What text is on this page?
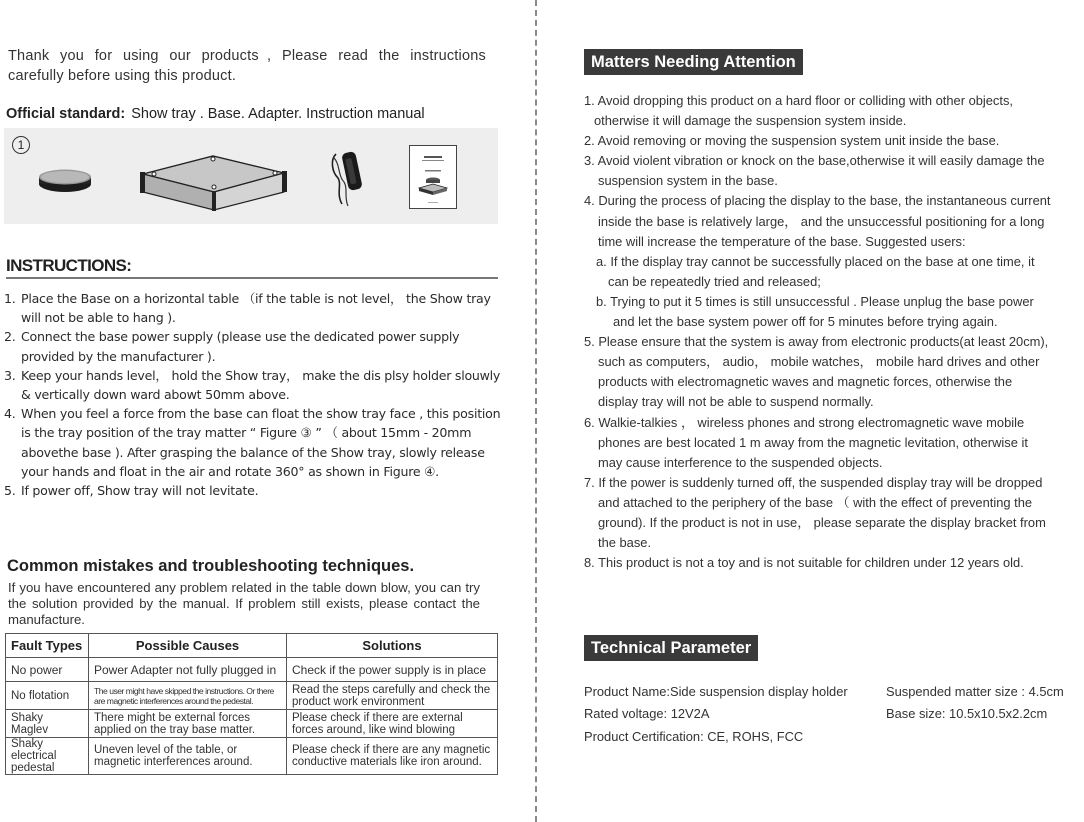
Thank you for using our products , Please read the instructions
carefully before using this product.
Official standard: Show tray . Base. Adapter. Instruction manual
1
INSTRUCTIONS:
1. Place the Base on a horizontal table （if the table is not level， the Show tray will not be able to hang ).
2. Connect the base power supply (please use the dedicated power supply provided by the manufacturer ).
3. Keep your hands level， hold the Show tray， make the dis plsy holder slouwly & vertically down ward abowt 50mm above.
4. When you feel a force from the base can float the show tray face , this position is the tray position of the tray matter “ Figure ③ ” （ about 15mm - 20mm abovethe base ). After grasping the balance of the Show tray, slowly release your hands and float in the air and rotate 360° as shown in Figure ④.
5. If power off, Show tray will not levitate.
Common mistakes and troubleshooting techniques.
If you have encountered any problem related in the table down blow, you can try the solution provided by the manual. If problem still exists, please contact the manufacture.
Fault Types	Possible Causes	Solutions
No power	Power Adapter not fully plugged in	Check if the power supply is in place
No flotation	The user might have skipped the instructions. Or there are magnetic interferences around the pedestal.	Read the steps carefully and check the product work environment
Shaky Maglev	There might be external forces applied on the tray base matter.	Please check if there are external forces around, like wind blowing
Shaky electrical pedestal	Uneven level of the table, or magnetic interferences around.	Please check if there are any magnetic conductive materials like iron around.
Matters Needing Attention
1. Avoid dropping this product on a hard floor or colliding with other objects,
otherwise it will damage the suspension system inside.
2. Avoid removing or moving the suspension system unit inside the base.
3. Avoid violent vibration or knock on the base,otherwise it will easily damage the
suspension system in the base.
4. During the process of placing the display to the base, the instantaneous current
inside the base is relatively large， and the unsuccessful positioning for a long
time will increase the temperature of the base. Suggested users:
a. If the display tray cannot be successfully placed on the base at one time, it
can be repeatedly tried and released;
b. Trying to put it 5 times is still unsuccessful . Please unplug the base power
and let the base system power off for 5 minutes before trying again.
5. Please ensure that the system is away from electronic products(at least 20cm),
such as computers， audio， mobile watches， mobile hard drives and other
products with electromagnetic waves and magnetic forces, otherwise the
display tray will not be able to suspend normally.
6. Walkie-talkies ， wireless phones and strong electromagnetic wave mobile
phones are best located 1 m away from the magnetic levitation, otherwise it
may cause interference to the suspended objects.
7. If the power is suddenly turned off, the suspended display tray will be dropped
and attached to the periphery of the base （ with the effect of preventing the
ground). If the product is not in use， please separate the display bracket from
the base.
8. This product is not a toy and is not suitable for children under 12 years old.
Technical Parameter
Product Name:Side suspension display holder	Suspended matter size : 4.5cm
Rated voltage: 12V2A	Base size: 10.5x10.5x2.2cm
Product Certification: CE, ROHS, FCC
